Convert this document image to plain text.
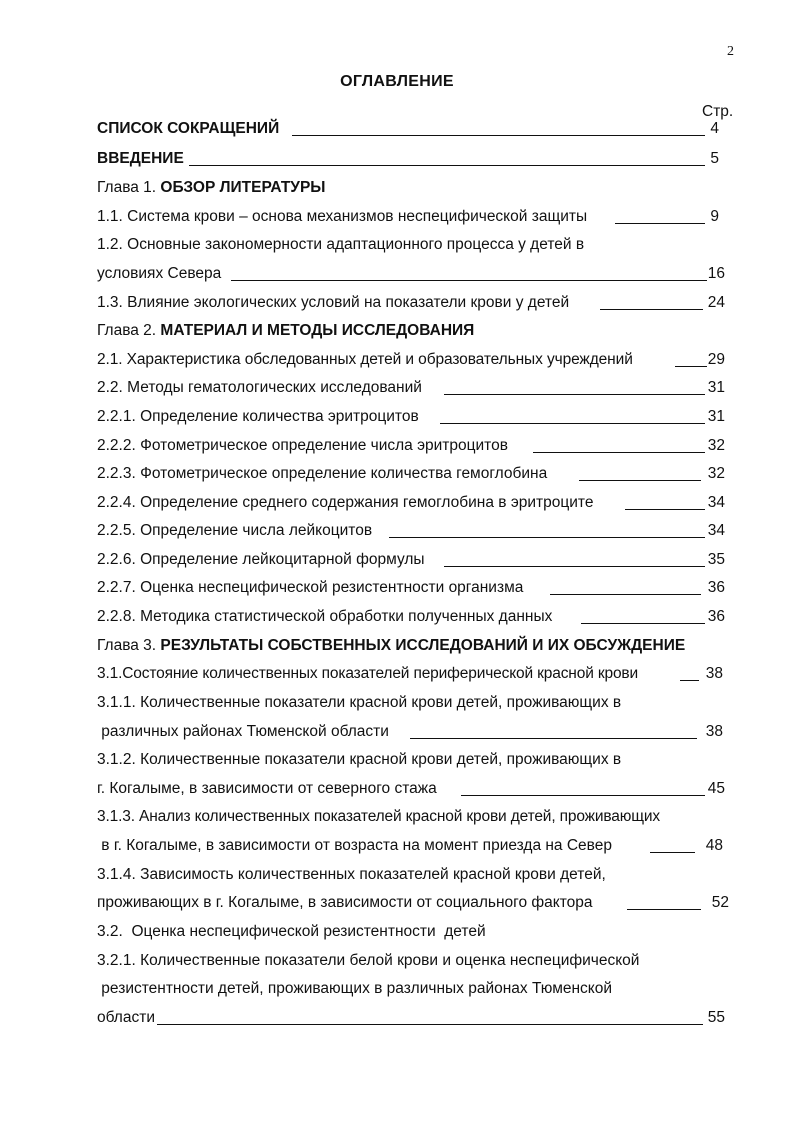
2
ОГЛАВЛЕНИЕ
Стр.
СПИСОК СОКРАЩЕНИЙ	4
ВВЕДЕНИЕ	5
Глава 1. ОБЗОР ЛИТЕРАТУРЫ
1.1. Система крови – основа механизмов неспецифической защиты	9
1.2. Основные закономерности адаптационного процесса у детей в
условиях Севера	16
1.3. Влияние экологических условий на показатели крови у детей	24
Глава 2. МАТЕРИАЛ И МЕТОДЫ ИССЛЕДОВАНИЯ
2.1. Характеристика обследованных детей и образовательных учреждений	29
2.2. Методы гематологических исследований	31
2.2.1. Определение количества эритроцитов	31
2.2.2. Фотометрическое определение числа эритроцитов	32
2.2.3. Фотометрическое определение количества гемоглобина	32
2.2.4. Определение среднего содержания гемоглобина в эритроците	34
2.2.5. Определение числа лейкоцитов	34
2.2.6. Определение лейкоцитарной формулы	35
2.2.7. Оценка неспецифической резистентности организма	36
2.2.8. Методика статистической обработки полученных данных	36
Глава 3. РЕЗУЛЬТАТЫ СОБСТВЕННЫХ ИССЛЕДОВАНИЙ И ИХ ОБСУЖДЕНИЕ
3.1.Состояние количественных показателей периферической красной крови	38
3.1.1. Количественные показатели красной крови детей, проживающих в
различных районах Тюменской области	38
3.1.2. Количественные показатели красной крови детей, проживающих в
г. Когалыме, в зависимости от северного стажа	45
3.1.3. Анализ количественных показателей красной крови детей, проживающих
в г. Когалыме, в зависимости от возраста на момент приезда на Север	48
3.1.4. Зависимость количественных показателей красной крови детей,
проживающих в г. Когалыме, в зависимости от социального фактора	52
3.2.  Оценка неспецифической резистентности  детей
3.2.1. Количественные показатели белой крови и оценка неспецифической
резистентности детей, проживающих в различных районах Тюменской
области	55
